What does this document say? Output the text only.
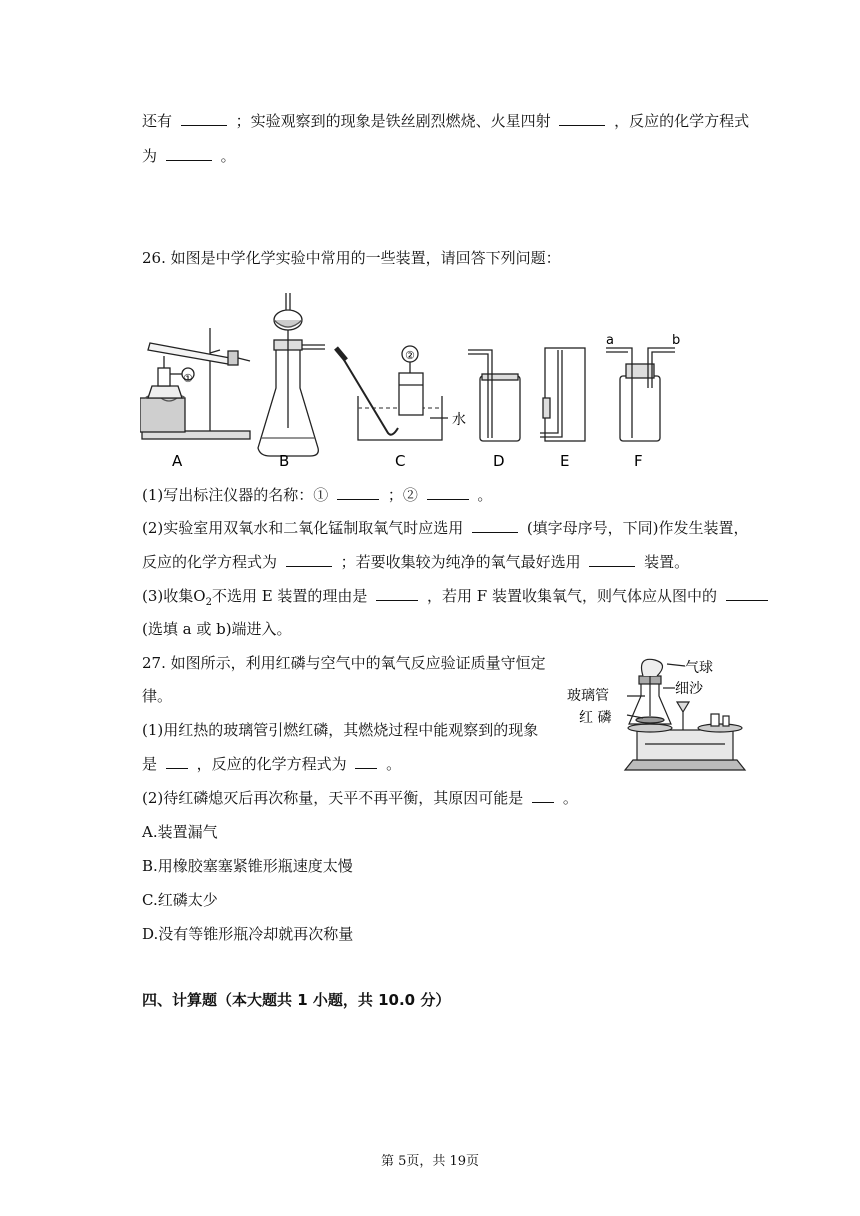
还有	；实验观察到的现象是铁丝剧烈燃烧、火星四射	，反应的化学方程式
为	。
26. 如图是中学化学实验中常用的一些装置，请回答下列问题：
①
②
水
a	b
A	B	C	D	E	F
(1)写出标注仪器的名称：①	；②	。
(2)实验室用双氧水和二氧化锰制取氧气时应选用	(填字母序号，下同)作发生装置，
反应的化学方程式为	；若要收集较为纯净的氧气最好选用	装置。
(3)收集$O_2$不选用 E 装置的理由是	，若用 F 装置收集氧气，则气体应从图中的
(选填 a 或 b)端进入。
27. 如图所示，利用红磷与空气中的氧气反应验证质量守恒定
律。
(1)用红热的玻璃管引燃红磷，其燃烧过程中能观察到的现象
是	，反应的化学方程式为	。
(2)待红磷熄灭后再次称量，天平不再平衡，其原因可能是	。
A.装置漏气
B.用橡胶塞塞紧锥形瓶速度太慢
C.红磷太少
D.没有等锥形瓶冷却就再次称量
气球
细沙
玻璃管
红 磷
四、计算题（本大题共 1 小题，共 10.0 分）
第 5页，共 19页
